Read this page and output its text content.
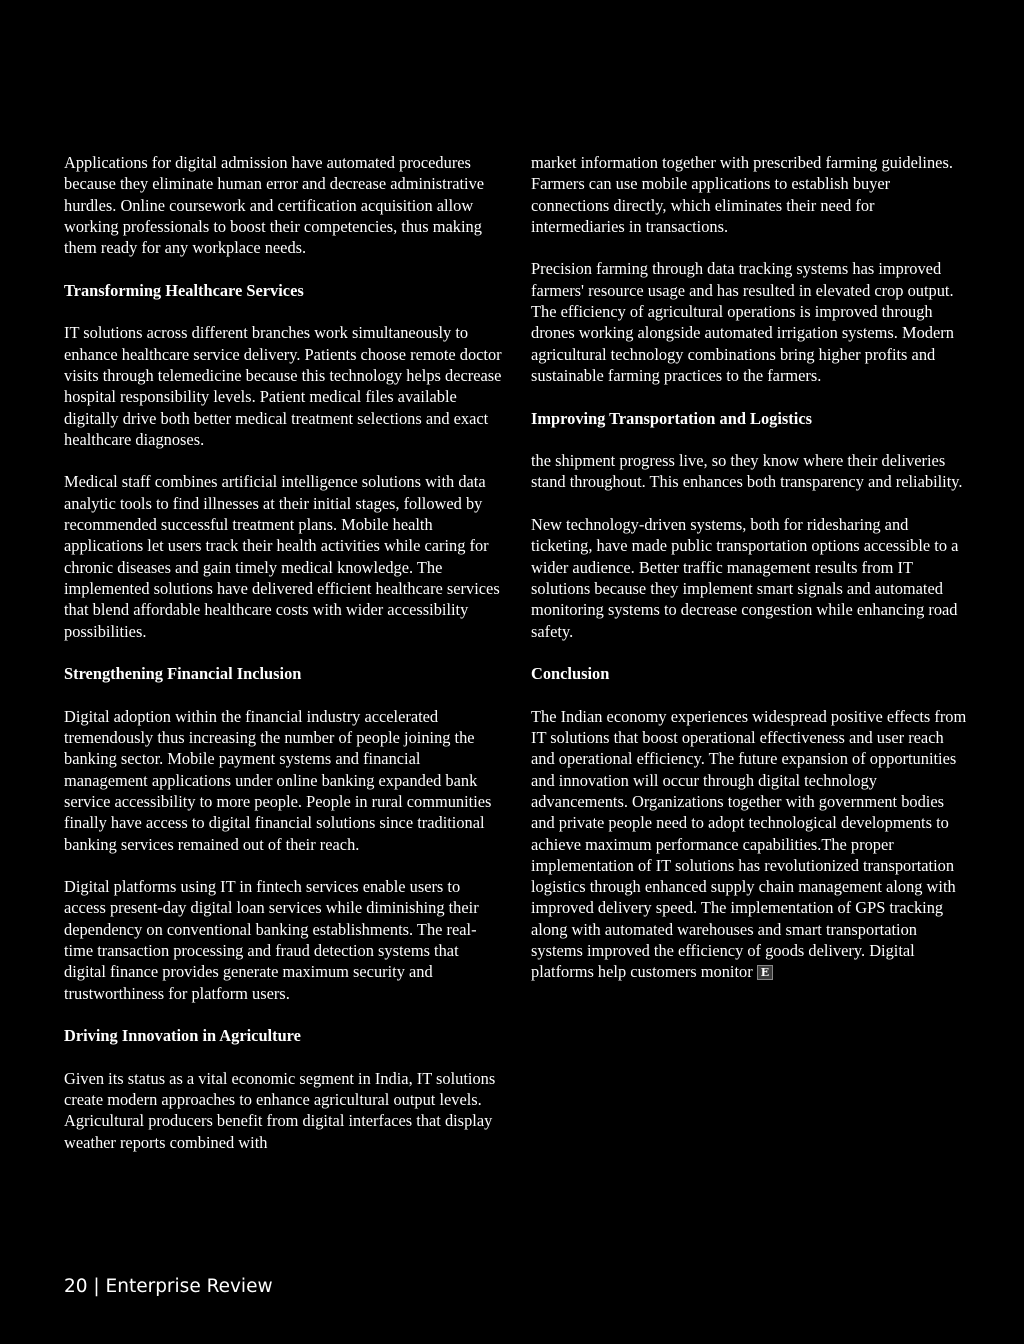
Applications for digital admission have automated procedures because they eliminate human error and decrease administrative hurdles. Online coursework and certification acquisition allow working professionals to boost their competencies, thus making them ready for any workplace needs.

Transforming Healthcare Services

IT solutions across different branches work simultaneously to enhance healthcare service delivery. Patients choose remote doctor visits through telemedicine because this technology helps decrease hospital responsibility levels. Patient medical files available digitally drive both better medical treatment selections and exact healthcare diagnoses.

Medical staff combines artificial intelligence solutions with data analytic tools to find illnesses at their initial stages, followed by recommended successful treatment plans. Mobile health applications let users track their health activities while caring for chronic diseases and gain timely medical knowledge. The implemented solutions have delivered efficient healthcare services that blend affordable healthcare costs with wider accessibility possibilities.

Strengthening Financial Inclusion

Digital adoption within the financial industry accelerated tremendously thus increasing the number of people joining the banking sector. Mobile payment systems and financial management applications under online banking expanded bank service accessibility to more people. People in rural communities finally have access to digital financial solutions since traditional banking services remained out of their reach.

Digital platforms using IT in fintech services enable users to access present-day digital loan services while diminishing their dependency on conventional banking establishments. The real-time transaction processing and fraud detection systems that digital finance provides generate maximum security and trustworthiness for platform users.

Driving Innovation in Agriculture

Given its status as a vital economic segment in India, IT solutions create modern approaches to enhance agricultural output levels. Agricultural producers benefit from digital interfaces that display weather reports combined with

market information together with prescribed farming guidelines. Farmers can use mobile applications to establish buyer connections directly, which eliminates their need for intermediaries in transactions.

Precision farming through data tracking systems has improved farmers' resource usage and has resulted in elevated crop output. The efficiency of agricultural operations is improved through drones working alongside automated irrigation systems. Modern agricultural technology combinations bring higher profits and sustainable farming practices to the farmers.

Improving Transportation and Logistics

the shipment progress live, so they know where their deliveries stand throughout. This enhances both transparency and reliability.

New technology-driven systems, both for ridesharing and ticketing, have made public transportation options accessible to a wider audience. Better traffic management results from IT solutions because they implement smart signals and automated monitoring systems to decrease congestion while enhancing road safety.

Conclusion

The Indian economy experiences widespread positive effects from IT solutions that boost operational effectiveness and user reach and operational efficiency. The future expansion of opportunities and innovation will occur through digital technology advancements. Organizations together with government bodies and private people need to adopt technological developments to achieve maximum performance capabilities.The proper implementation of IT solutions has revolutionized transportation logistics through enhanced supply chain management along with improved delivery speed. The implementation of GPS tracking along with automated warehouses and smart transportation systems improved the efficiency of goods delivery. Digital platforms help customers monitor E

20 | Enterprise Review
